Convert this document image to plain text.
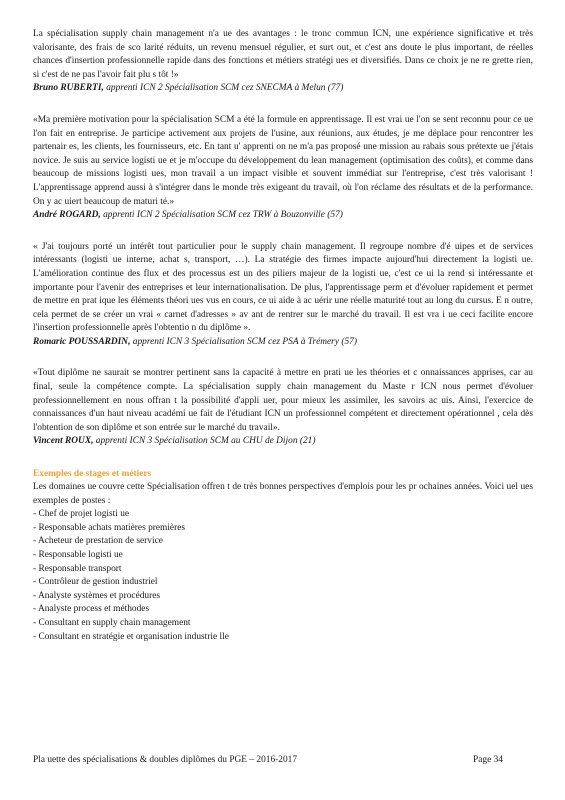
La spécialisation supply chain management n'a ue des avantages : le tronc commun ICN, une expérience significative et très valorisante, des frais de sco larité réduits, un revenu mensuel régulier, et surt out, et c'est ans doute le plus important, de réelles chances d'insertion professionnelle rapide dans des fonctions et métiers stratégi ues et diversifiés. Dans ce choix je ne re grette rien, si c'est de ne pas l'avoir fait plu s tôt !»

Bruno RUBERTI, apprenti ICN 2 Spécialisation SCM cez SNECMA à Melun (77)

«Ma première motivation pour la spécialisation SCM a été la formule en apprentissage. Il est vrai ue l'on se sent reconnu pour ce ue l'on fait en entreprise. Je participe activement aux projets de l'usine, aux réunions, aux études, je me déplace pour rencontrer les partenair es, les clients, les fournisseurs, etc. En tant u' apprenti on ne m'a pas proposé une mission au rabais sous prétexte ue j'étais novice. Je suis au service logisti ue et je m'occupe du développement du lean management (optimisation des coûts), et comme dans beaucoup de missions logisti ues, mon travail a un impact visible et souvent immédiat sur l'entreprise, c'est très valorisant ! L'apprentissage apprend aussi à s'intégrer dans le monde très exigeant du travail, où l'on réclame des résultats et de la performance. On y ac uiert beaucoup de maturi té.»

André ROGARD, apprenti ICN 2 Spécialisation SCM cez TRW à Bouzonville (57)

« J'ai toujours porté un intérêt tout particulier pour le supply chain management. Il regroupe nombre d'é uipes et de services intéressants (logisti ue interne, achat s, transport, …). La stratégie des firmes impacte aujourd'hui directement la logisti ue. L'amélioration continue des flux et des processus est un des piliers majeur de la logisti ue, c'est ce ui la rend si intéressante et importante pour l'avenir des entreprises et leur internationalisation. De plus, l'apprentissage perm et d'évoluer rapidement et permet de mettre en prat ique les éléments théori ues vus en cours, ce ui aide à ac uérir une réelle maturité tout au long du cursus. E n outre, cela permet de se créer un vrai « carnet d'adresses » av ant de rentrer sur le marché du travail. Il est vra i ue ceci facilite encore l'insertion professionnelle après l'obtentio n du diplôme ».

Romaric POUSSARDIN, apprenti ICN 3 Spécialisation SCM cez PSA à Trémery (57)

«Tout diplôme ne saurait se montrer pertinent sans la capacité à mettre en prati ue les théories et c onnaissances apprises, car au final, seule la compétence compte. La spécialisation supply chain management du Maste r ICN nous permet d'évoluer professionnellement en nous offran t la possibilité d'appli uer, pour mieux les assimiler, les savoirs ac uis. Ainsi, l'exercice de connaissances d'un haut niveau académi ue fait de l'étudiant ICN un professionnel compétent et directement opérationnel , cela dès l'obtention de son diplôme et son entrée sur le marché du travail».

Vincent ROUX, apprenti ICN 3 Spécialisation SCM au CHU de Dijon (21)
Exemples de stages et métiers

Les domaines ue couvre cette Spécialisation offren t de très bonnes perspectives d'emplois pour les pr ochaines années. Voici uel ues exemples de postes :

- Chef de projet logisti ue
- Responsable achats matières premières
- Acheteur de prestation de service
- Responsable logisti ue
- Responsable transport
- Contrôleur de gestion industriel
- Analyste systèmes et procédures
- Analyste process et méthodes
- Consultant en supply chain management
- Consultant en stratégie et organisation industrie lle
Pla uette des spécialisations & doubles diplômes du PGE – 2016-2017	Page 34
